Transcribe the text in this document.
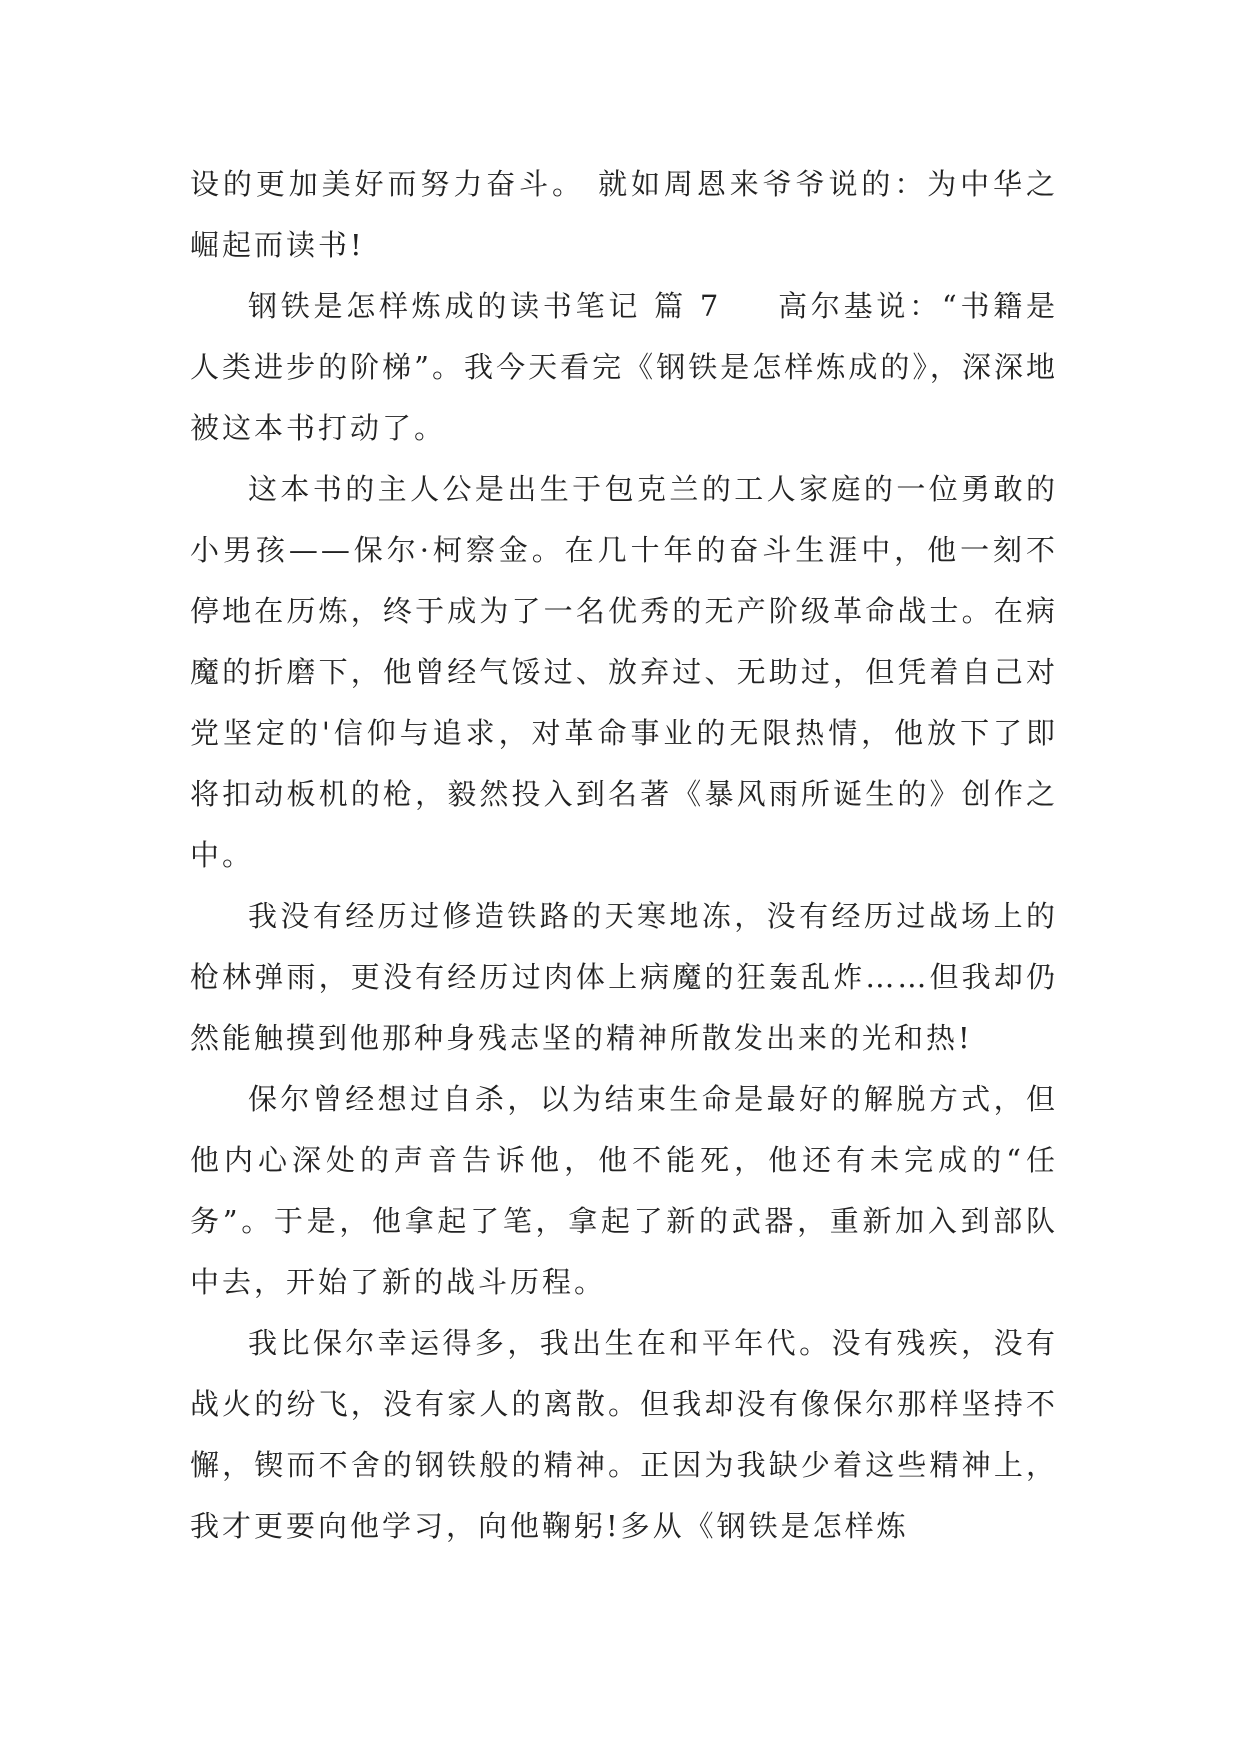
设的更加美好而努力奋斗。 就如周恩来爷爷说的：为中华之崛起而读书!

钢铁是怎样炼成的读书笔记 篇 7 高尔基说：“书籍是人类进步的阶梯”。我今天看完《钢铁是怎样炼成的》，深深地被这本书打动了。

这本书的主人公是出生于包克兰的工人家庭的一位勇敢的小男孩——保尔·柯察金。在几十年的奋斗生涯中，他一刻不停地在历炼，终于成为了一名优秀的无产阶级革命战士。在病魔的折磨下，他曾经气馁过、放弃过、无助过，但凭着自己对党坚定的'信仰与追求，对革命事业的无限热情，他放下了即将扣动板机的枪，毅然投入到名著《暴风雨所诞生的》创作之中。

我没有经历过修造铁路的天寒地冻，没有经历过战场上的枪林弹雨，更没有经历过肉体上病魔的狂轰乱炸……但我却仍然能触摸到他那种身残志坚的精神所散发出来的光和热!

保尔曾经想过自杀，以为结束生命是最好的解脱方式，但他内心深处的声音告诉他，他不能死，他还有未完成的“任务”。于是，他拿起了笔，拿起了新的武器，重新加入到部队中去，开始了新的战斗历程。

我比保尔幸运得多，我出生在和平年代。没有残疾，没有战火的纷飞，没有家人的离散。但我却没有像保尔那样坚持不懈，锲而不舍的钢铁般的精神。正因为我缺少着这些精神上，我才更要向他学习，向他鞠躬!多从《钢铁是怎样炼
